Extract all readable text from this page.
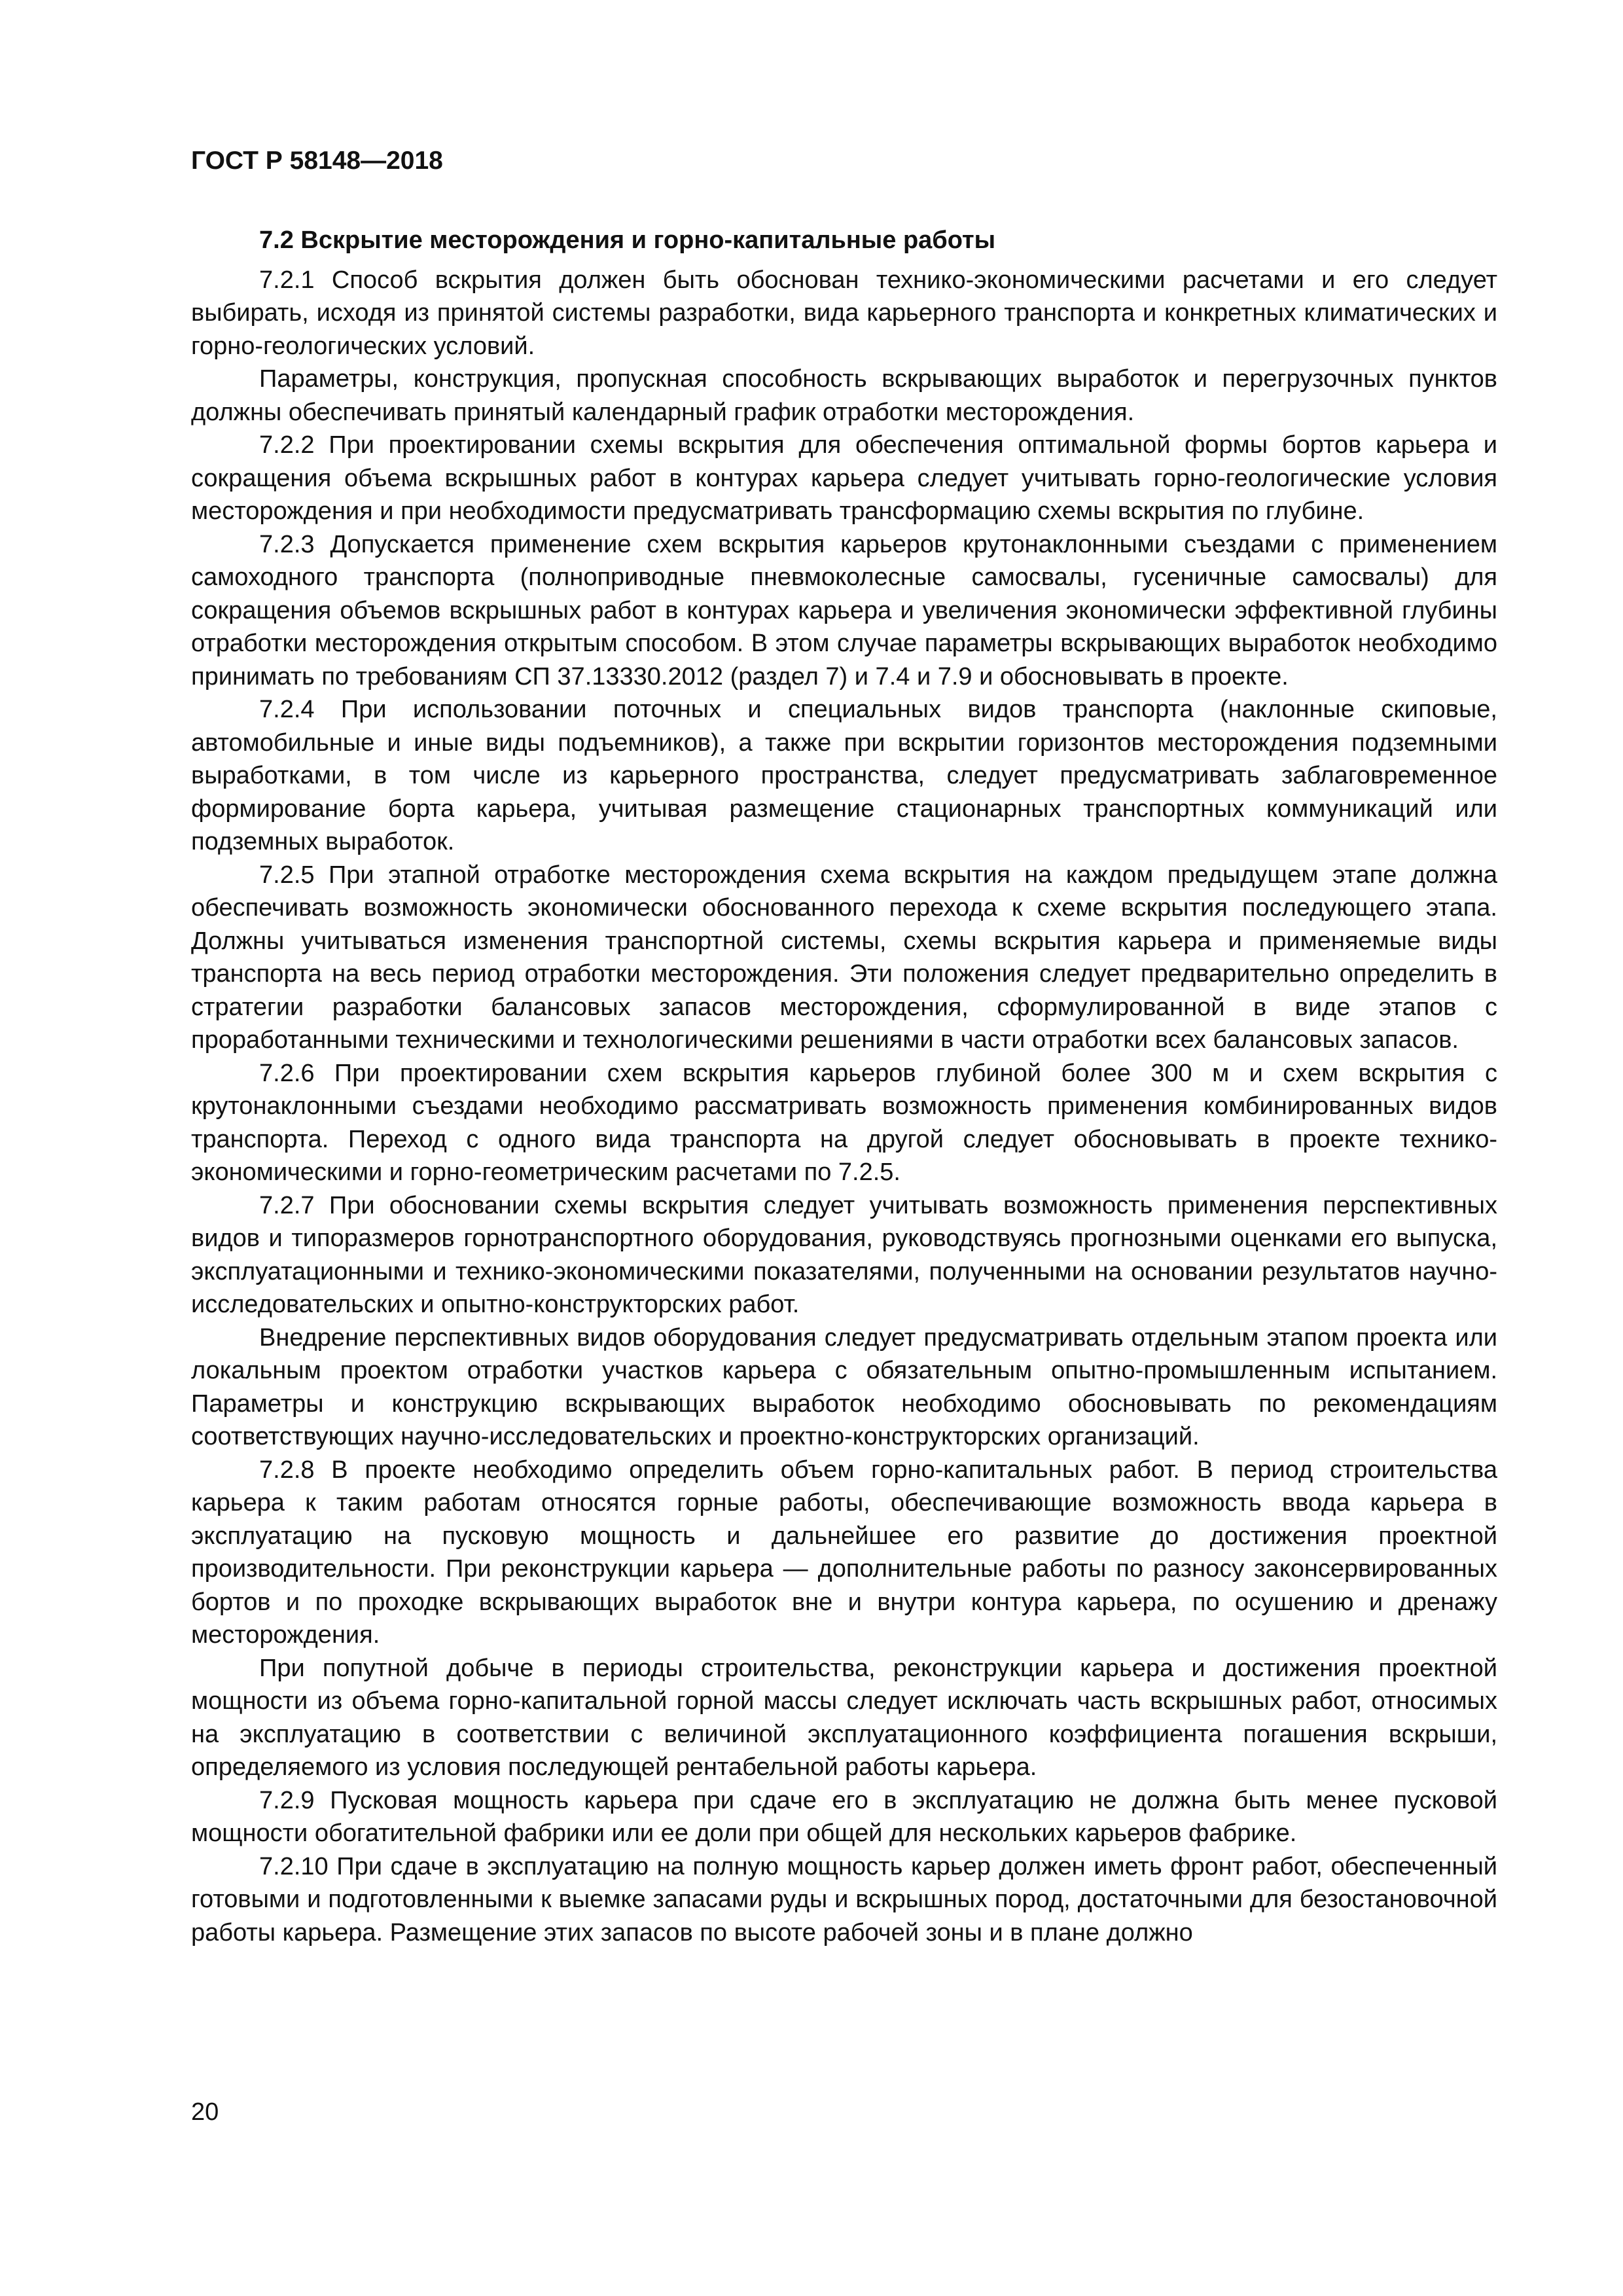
ГОСТ Р 58148—2018
7.2 Вскрытие месторождения и горно-капитальные работы

7.2.1 Способ вскрытия должен быть обоснован технико-экономическими расчетами и его следует выбирать, исходя из принятой системы разработки, вида карьерного транспорта и конкретных климатических и горно-геологических условий.

Параметры, конструкция, пропускная способность вскрывающих выработок и перегрузочных пунктов должны обеспечивать принятый календарный график отработки месторождения.

7.2.2 При проектировании схемы вскрытия для обеспечения оптимальной формы бортов карьера и сокращения объема вскрышных работ в контурах карьера следует учитывать горно-геологические условия месторождения и при необходимости предусматривать трансформацию схемы вскрытия по глубине.

7.2.3 Допускается применение схем вскрытия карьеров крутонаклонными съездами с применением самоходного транспорта (полноприводные пневмоколесные самосвалы, гусеничные самосвалы) для сокращения объемов вскрышных работ в контурах карьера и увеличения экономически эффективной глубины отработки месторождения открытым способом. В этом случае параметры вскрывающих выработок необходимо принимать по требованиям СП 37.13330.2012 (раздел 7) и 7.4 и 7.9 и обосновывать в проекте.

7.2.4 При использовании поточных и специальных видов транспорта (наклонные скиповые, автомобильные и иные виды подъемников), а также при вскрытии горизонтов месторождения подземными выработками, в том числе из карьерного пространства, следует предусматривать заблаговременное формирование борта карьера, учитывая размещение стационарных транспортных коммуникаций или подземных выработок.

7.2.5 При этапной отработке месторождения схема вскрытия на каждом предыдущем этапе должна обеспечивать возможность экономически обоснованного перехода к схеме вскрытия последующего этапа. Должны учитываться изменения транспортной системы, схемы вскрытия карьера и применяемые виды транспорта на весь период отработки месторождения. Эти положения следует предварительно определить в стратегии разработки балансовых запасов месторождения, сформулированной в виде этапов с проработанными техническими и технологическими решениями в части отработки всех балансовых запасов.

7.2.6 При проектировании схем вскрытия карьеров глубиной более 300 м и схем вскрытия с крутонаклонными съездами необходимо рассматривать возможность применения комбинированных видов транспорта. Переход с одного вида транспорта на другой следует обосновывать в проекте технико-экономическими и горно-геометрическим расчетами по 7.2.5.

7.2.7 При обосновании схемы вскрытия следует учитывать возможность применения перспективных видов и типоразмеров горнотранспортного оборудования, руководствуясь прогнозными оценками его выпуска, эксплуатационными и технико-экономическими показателями, полученными на основании результатов научно-исследовательских и опытно-конструкторских работ.

Внедрение перспективных видов оборудования следует предусматривать отдельным этапом проекта или локальным проектом отработки участков карьера с обязательным опытно-промышленным испытанием. Параметры и конструкцию вскрывающих выработок необходимо обосновывать по рекомендациям соответствующих научно-исследовательских и проектно-конструкторских организаций.

7.2.8 В проекте необходимо определить объем горно-капитальных работ. В период строительства карьера к таким работам относятся горные работы, обеспечивающие возможность ввода карьера в эксплуатацию на пусковую мощность и дальнейшее его развитие до достижения проектной производительности. При реконструкции карьера — дополнительные работы по разносу законсервированных бортов и по проходке вскрывающих выработок вне и внутри контура карьера, по осушению и дренажу месторождения.

При попутной добыче в периоды строительства, реконструкции карьера и достижения проектной мощности из объема горно-капитальной горной массы следует исключать часть вскрышных работ, относимых на эксплуатацию в соответствии с величиной эксплуатационного коэффициента погашения вскрыши, определяемого из условия последующей рентабельной работы карьера.

7.2.9 Пусковая мощность карьера при сдаче его в эксплуатацию не должна быть менее пусковой мощности обогатительной фабрики или ее доли при общей для нескольких карьеров фабрике.

7.2.10 При сдаче в эксплуатацию на полную мощность карьер должен иметь фронт работ, обеспеченный готовыми и подготовленными к выемке запасами руды и вскрышных пород, достаточными для безостановочной работы карьера. Размещение этих запасов по высоте рабочей зоны и в плане должно

20
